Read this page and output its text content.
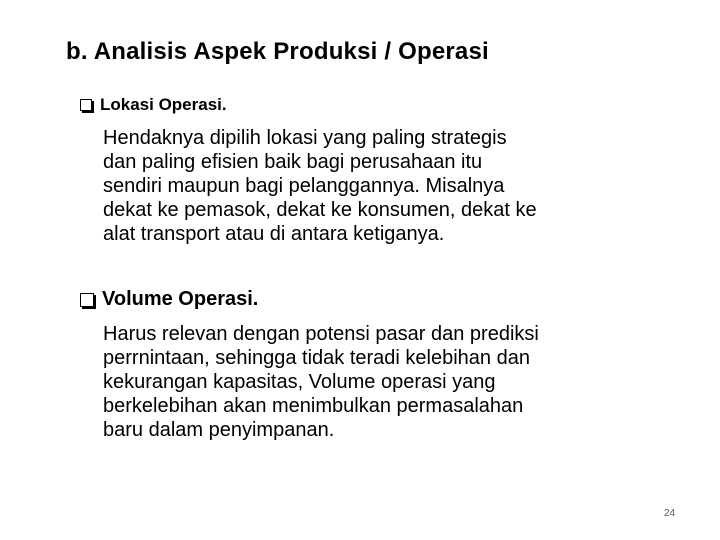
b. Analisis Aspek Produksi / Operasi
Lokasi Operasi.
Hendaknya dipilih lokasi yang paling strategis
dan paling efisien baik bagi perusahaan itu
sendiri maupun bagi pelanggannya. Misalnya
dekat ke pemasok, dekat ke konsumen, dekat ke
alat transport atau di antara ketiganya.
Volume Operasi.
Harus relevan dengan potensi pasar dan prediksi
perrnintaan, sehingga tidak teradi kelebihan dan
kekurangan kapasitas, Volume operasi yang
berkelebihan akan menimbulkan permasalahan
baru dalam penyimpanan.
24
